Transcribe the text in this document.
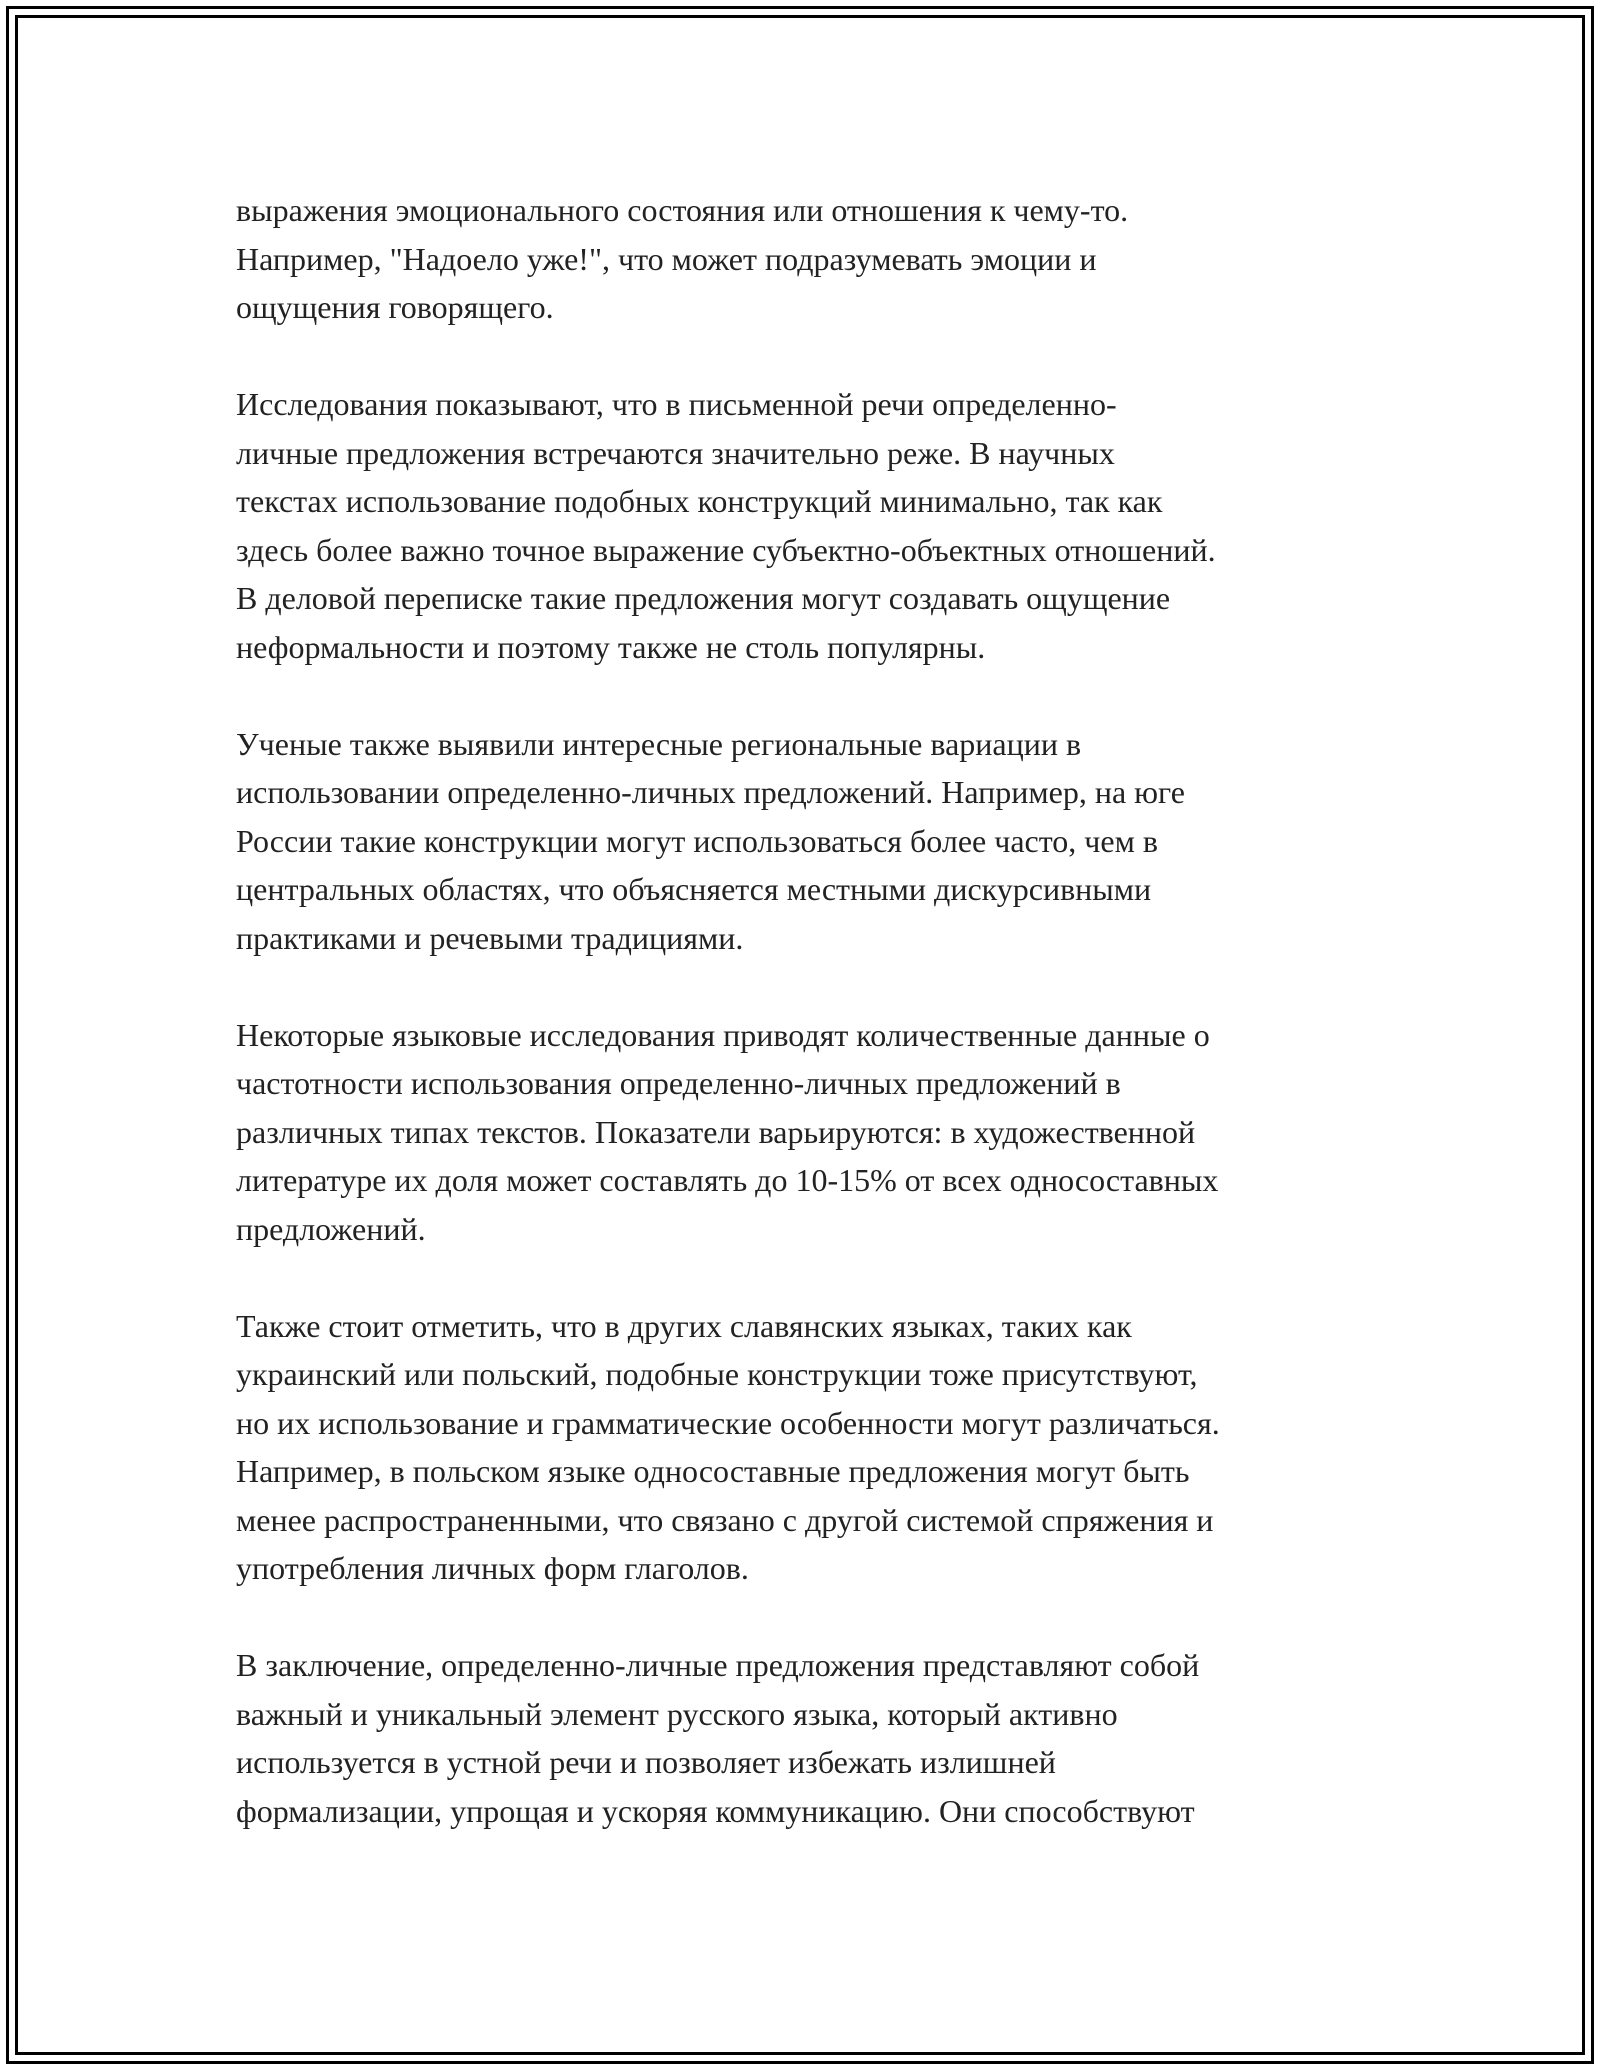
выражения эмоционального состояния или отношения к чему-то.
Например, "Надоело уже!", что может подразумевать эмоции и
ощущения говорящего.

Исследования показывают, что в письменной речи определенно-
личные предложения встречаются значительно реже. В научных
текстах использование подобных конструкций минимально, так как
здесь более важно точное выражение субъектно-объектных отношений.
В деловой переписке такие предложения могут создавать ощущение
неформальности и поэтому также не столь популярны.

Ученые также выявили интересные региональные вариации в
использовании определенно-личных предложений. Например, на юге
России такие конструкции могут использоваться более часто, чем в
центральных областях, что объясняется местными дискурсивными
практиками и речевыми традициями.

Некоторые языковые исследования приводят количественные данные о
частотности использования определенно-личных предложений в
различных типах текстов. Показатели варьируются: в художественной
литературе их доля может составлять до 10-15% от всех односоставных
предложений.

Также стоит отметить, что в других славянских языках, таких как
украинский или польский, подобные конструкции тоже присутствуют,
но их использование и грамматические особенности могут различаться.
Например, в польском языке односоставные предложения могут быть
менее распространенными, что связано с другой системой спряжения и
употребления личных форм глаголов.

В заключение, определенно-личные предложения представляют собой
важный и уникальный элемент русского языка, который активно
используется в устной речи и позволяет избежать излишней
формализации, упрощая и ускоряя коммуникацию. Они способствуют
